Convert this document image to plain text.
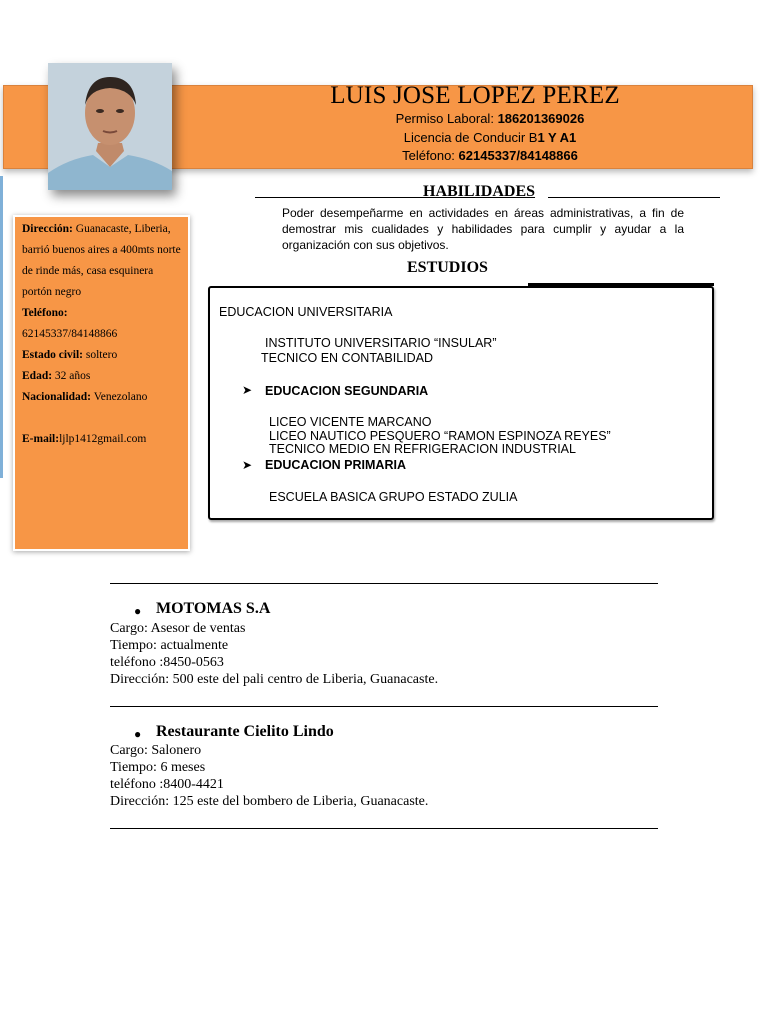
LUIS JOSE LOPEZ PEREZ
Permiso Laboral: 186201369026
Licencia de Conducir B1 Y A1
Teléfono: 62145337/84148866

Dirección: Guanacaste, Liberia, barrió buenos aires a 400mts norte de rinde más, casa esquinera portón negro

Teléfono:

62145337/84148866

Estado civil: soltero

Edad: 32 años

Nacionalidad: Venezolano

E-mail:ljlp1412gmail.com

HABILIDADES
Poder desempeñarme en actividades en áreas administrativas, a fin de demostrar mis cualidades y habilidades para cumplir y ayudar a la organización con sus objetivos.
ESTUDIOS
EDUCACION UNIVERSITARIA
INSTITUTO UNIVERSITARIO “INSULAR”
TECNICO EN CONTABILIDAD
➤ EDUCACION SEGUNDARIA
LICEO VICENTE MARCANO
LICEO NAUTICO PESQUERO “RAMON ESPINOZA REYES”
TECNICO MEDIO EN REFRIGERACION INDUSTRIAL
➤ EDUCACION PRIMARIA
ESCUELA BASICA GRUPO ESTADO ZULIA
● MOTOMAS S.A
Cargo: Asesor de ventas
Tiempo: actualmente
teléfono :8450-0563
Dirección: 500 este del pali centro de Liberia, Guanacaste.
● Restaurante Cielito Lindo
Cargo: Salonero
Tiempo: 6 meses
teléfono :8400-4421
Dirección: 125 este del bombero de Liberia, Guanacaste.
